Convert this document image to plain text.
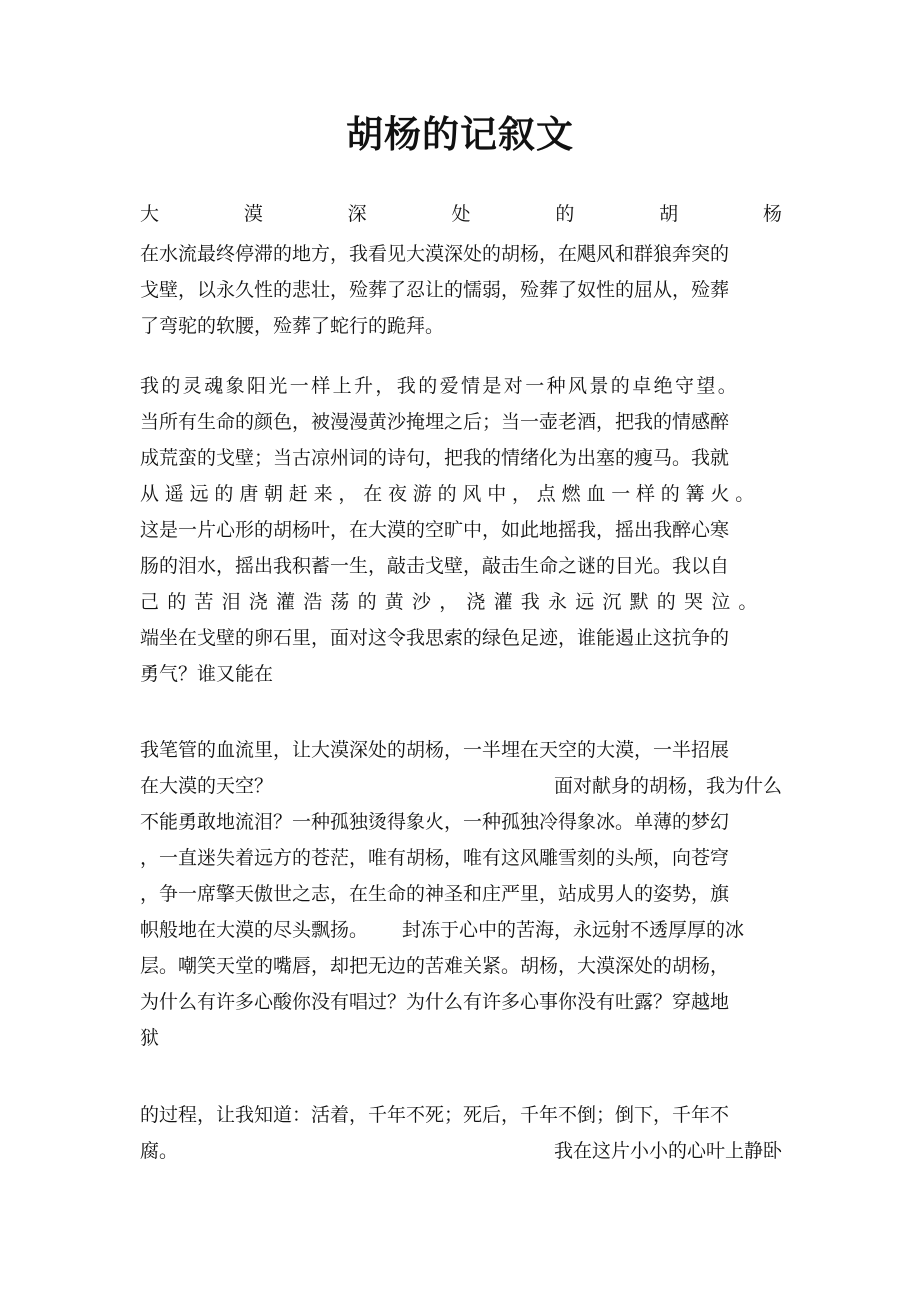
胡杨的记叙文
大	漠	深	处	的	胡	杨
在水流最终停滞的地方，我看见大漠深处的胡杨，在飓风和群狼奔突的
戈壁，以永久性的悲壮，殓葬了忍让的懦弱，殓葬了奴性的屈从，殓葬
了弯驼的软腰，殓葬了蛇行的跪拜。
我的灵魂象阳光一样上升，我的爱情是对一种风景的卓绝守望。
当所有生命的颜色，被漫漫黄沙掩埋之后；当一壶老酒，把我的情感醉
成荒蛮的戈壁；当古凉州词的诗句，把我的情绪化为出塞的瘦马。我就
从遥远的唐朝赶来，在夜游的风中，点燃血一样的篝火。
这是一片心形的胡杨叶，在大漠的空旷中，如此地摇我，摇出我醉心寒
肠的泪水，摇出我积蓄一生，敲击戈壁，敲击生命之谜的目光。我以自
己的苦泪浇灌浩荡的黄沙，浇灌我永远沉默的哭泣。
端坐在戈壁的卵石里，面对这令我思索的绿色足迹，谁能遏止这抗争的
勇气？谁又能在
我笔管的血流里，让大漠深处的胡杨，一半埋在天空的大漠，一半招展
在大漠的天空？	面对献身的胡杨，我为什么
不能勇敢地流泪？一种孤独烫得象火，一种孤独冷得象冰。单薄的梦幻
，一直迷失着远方的苍茫，唯有胡杨，唯有这风雕雪刻的头颅，向苍穹
，争一席擎天傲世之志，在生命的神圣和庄严里，站成男人的姿势，旗
帜般地在大漠的尽头飘扬。 封冻于心中的苦海，永远射不透厚厚的冰
层。嘲笑天堂的嘴唇，却把无边的苦难关紧。胡杨，大漠深处的胡杨，
为什么有许多心酸你没有唱过？为什么有许多心事你没有吐露？穿越地
狱
的过程，让我知道：活着，千年不死；死后，千年不倒；倒下，千年不
腐。	我在这片小小的心叶上静卧
